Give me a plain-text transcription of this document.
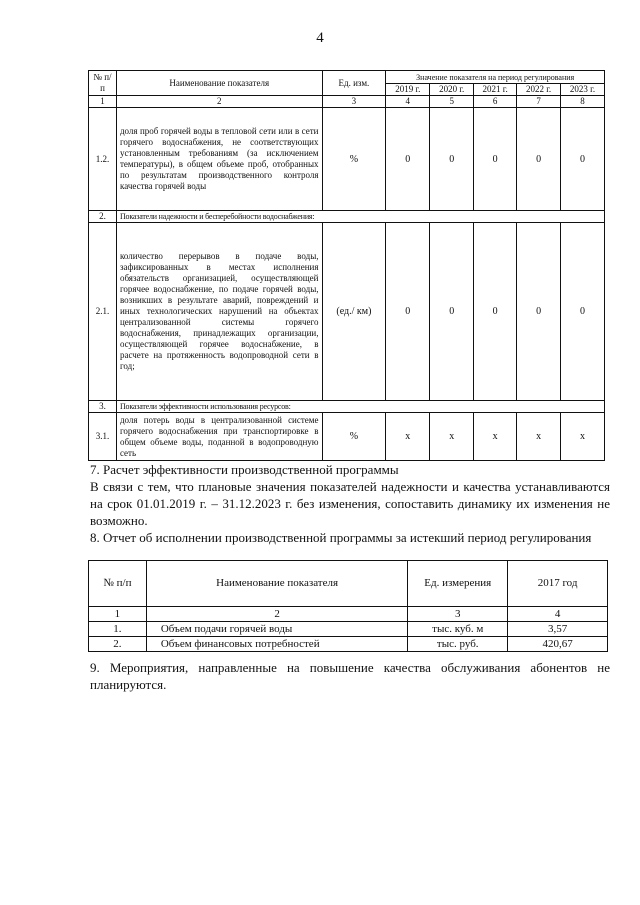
4
№ п/п	Наименование показателя	Ед. изм.	Значение показателя на период регулирования				
			2019 г.	2020 г.	2021 г.	2022 г.	2023 г.
1	2	3	4	5	6	7	8
1.2.	доля проб горячей воды в тепловой сети или в сети горячего водоснабжения, не соответствующих установленным требованиям (за исключением температуры), в общем объеме проб, отобранных по результатам производственного контроля качества горячей воды	%	0	0	0	0	0
2.	Показатели надежности и бесперебойности водоснабжения:						
2.1.	количество перерывов в подаче воды, зафиксированных в местах исполнения обязательств организацией, осуществляющей горячее водоснабжение, по подаче горячей воды, возникших в результате аварий, повреждений и иных технологических нарушений на объектах централизованной системы горячего водоснабжения, принадлежащих организации, осуществляющей горячее водоснабжение, в расчете на протяженность водопроводной сети в год;	(ед./ км)	0	0	0	0	0
3.	Показатели эффективности использования ресурсов:						
3.1.	доля потерь воды в централизованной системе горячего водоснабжения при транспортировке в общем объеме воды, поданной в водопроводную сеть	%	x	x	x	x	x
7. Расчет эффективности производственной программы
В связи с тем, что плановые значения показателей надежности и качества устанавливаются на срок 01.01.2019 г. – 31.12.2023 г. без изменения, сопоставить динамику их изменения не возможно.
8. Отчет об исполнении производственной программы за истекший период регулирования
№ п/п	Наименование показателя	Ед. измерения	2017 год
1	2	3	4
1.	Объем подачи горячей воды	тыс. куб. м	3,57
2.	Объем финансовых потребностей	тыс. руб.	420,67
9. Мероприятия, направленные на повышение качества обслуживания абонентов не планируются.
